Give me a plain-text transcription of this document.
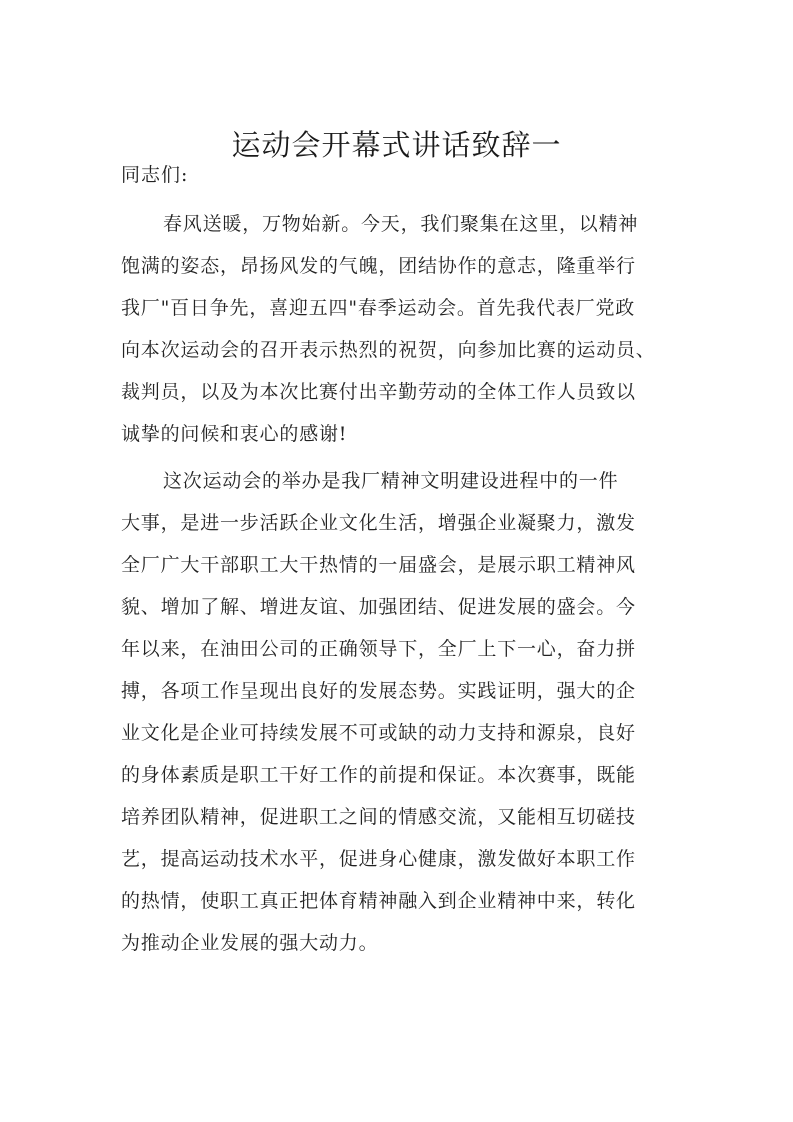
运动会开幕式讲话致辞一
同志们:
春风送暖，万物始新。今天，我们聚集在这里，以精神
饱满的姿态，昂扬风发的气魄，团结协作的意志，隆重举行
我厂"百日争先，喜迎五四"春季运动会。首先我代表厂党政
向本次运动会的召开表示热烈的祝贺，向参加比赛的运动员、
裁判员，以及为本次比赛付出辛勤劳动的全体工作人员致以
诚挚的问候和衷心的感谢!
这次运动会的举办是我厂精神文明建设进程中的一件
大事，是进一步活跃企业文化生活，增强企业凝聚力，激发
全厂广大干部职工大干热情的一届盛会，是展示职工精神风
貌、增加了解、增进友谊、加强团结、促进发展的盛会。今
年以来，在油田公司的正确领导下，全厂上下一心，奋力拼
搏，各项工作呈现出良好的发展态势。实践证明，强大的企
业文化是企业可持续发展不可或缺的动力支持和源泉，良好
的身体素质是职工干好工作的前提和保证。本次赛事，既能
培养团队精神，促进职工之间的情感交流，又能相互切磋技
艺，提高运动技术水平，促进身心健康，激发做好本职工作
的热情，使职工真正把体育精神融入到企业精神中来，转化
为推动企业发展的强大动力。
